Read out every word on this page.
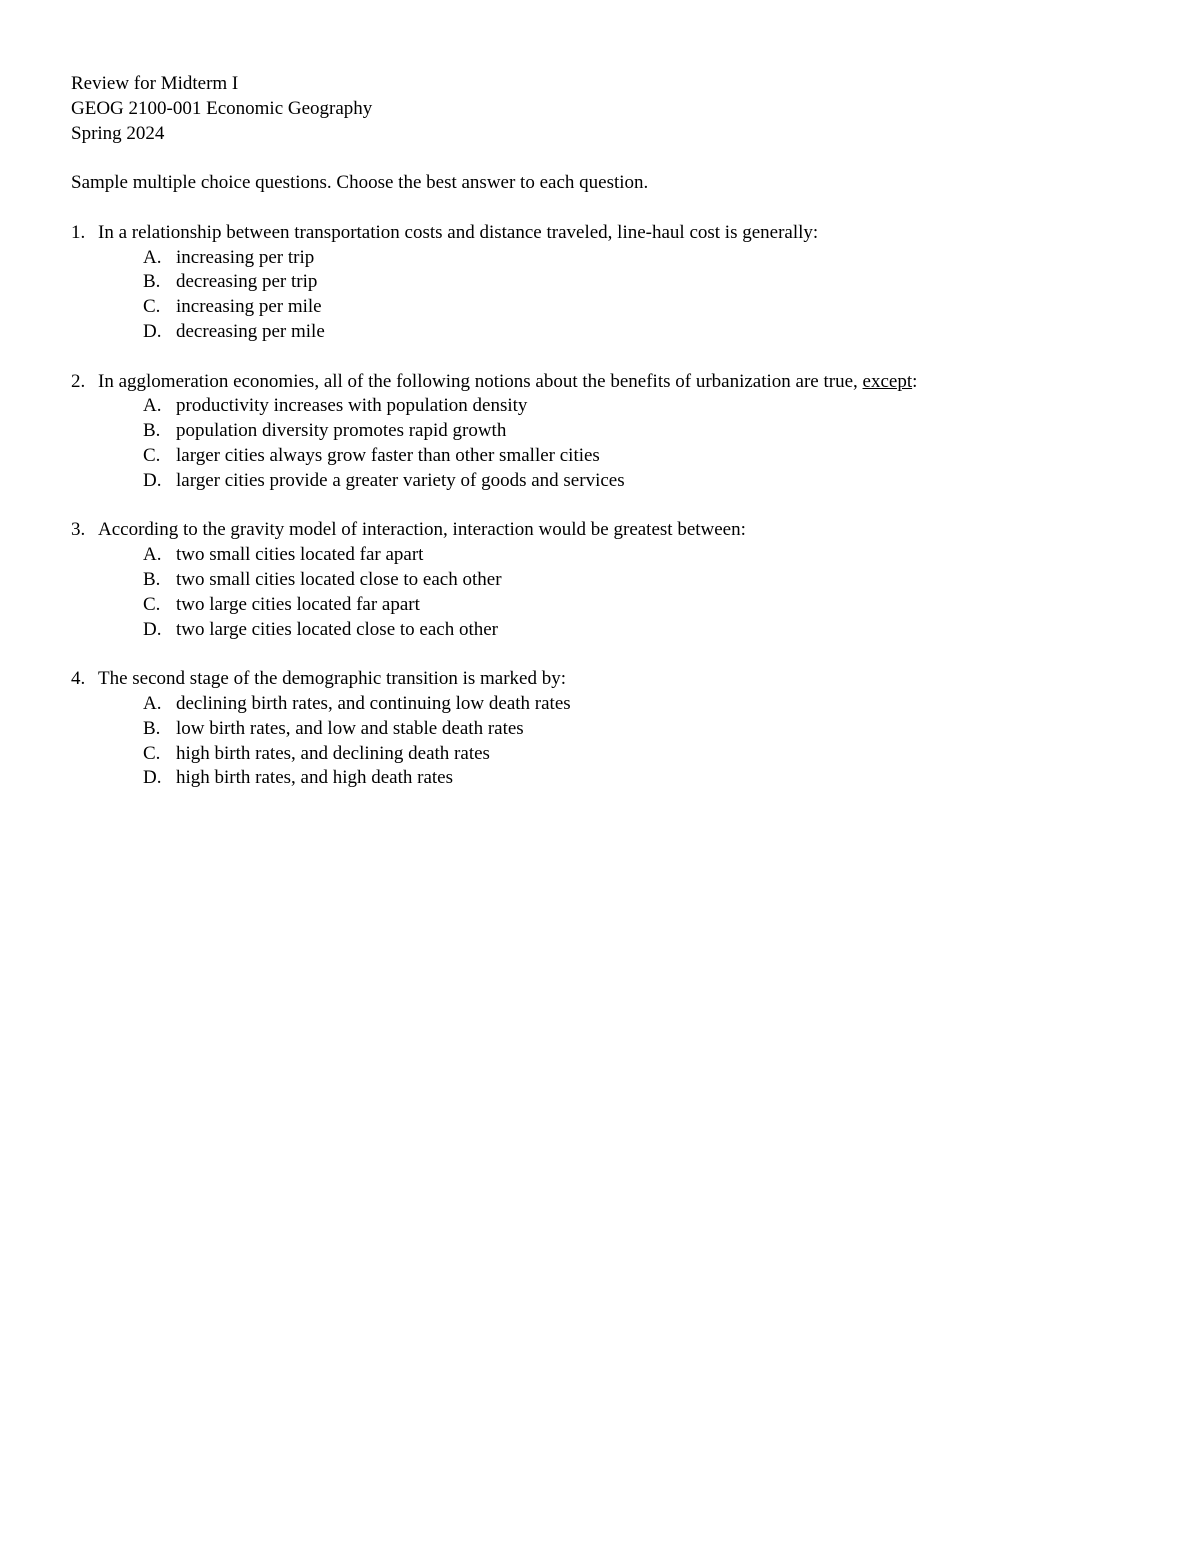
Review for Midterm I
GEOG 2100-001 Economic Geography
Spring 2024
Sample multiple choice questions. Choose the best answer to each question.
1. In a relationship between transportation costs and distance traveled, line-haul cost is generally:
A. increasing per trip
B. decreasing per trip
C. increasing per mile
D. decreasing per mile
2. In agglomeration economies, all of the following notions about the benefits of urbanization are true, except:
A. productivity increases with population density
B. population diversity promotes rapid growth
C. larger cities always grow faster than other smaller cities
D. larger cities provide a greater variety of goods and services
3. According to the gravity model of interaction, interaction would be greatest between:
A. two small cities located far apart
B. two small cities located close to each other
C. two large cities located far apart
D. two large cities located close to each other
4. The second stage of the demographic transition is marked by:
A. declining birth rates, and continuing low death rates
B. low birth rates, and low and stable death rates
C. high birth rates, and declining death rates
D. high birth rates, and high death rates
